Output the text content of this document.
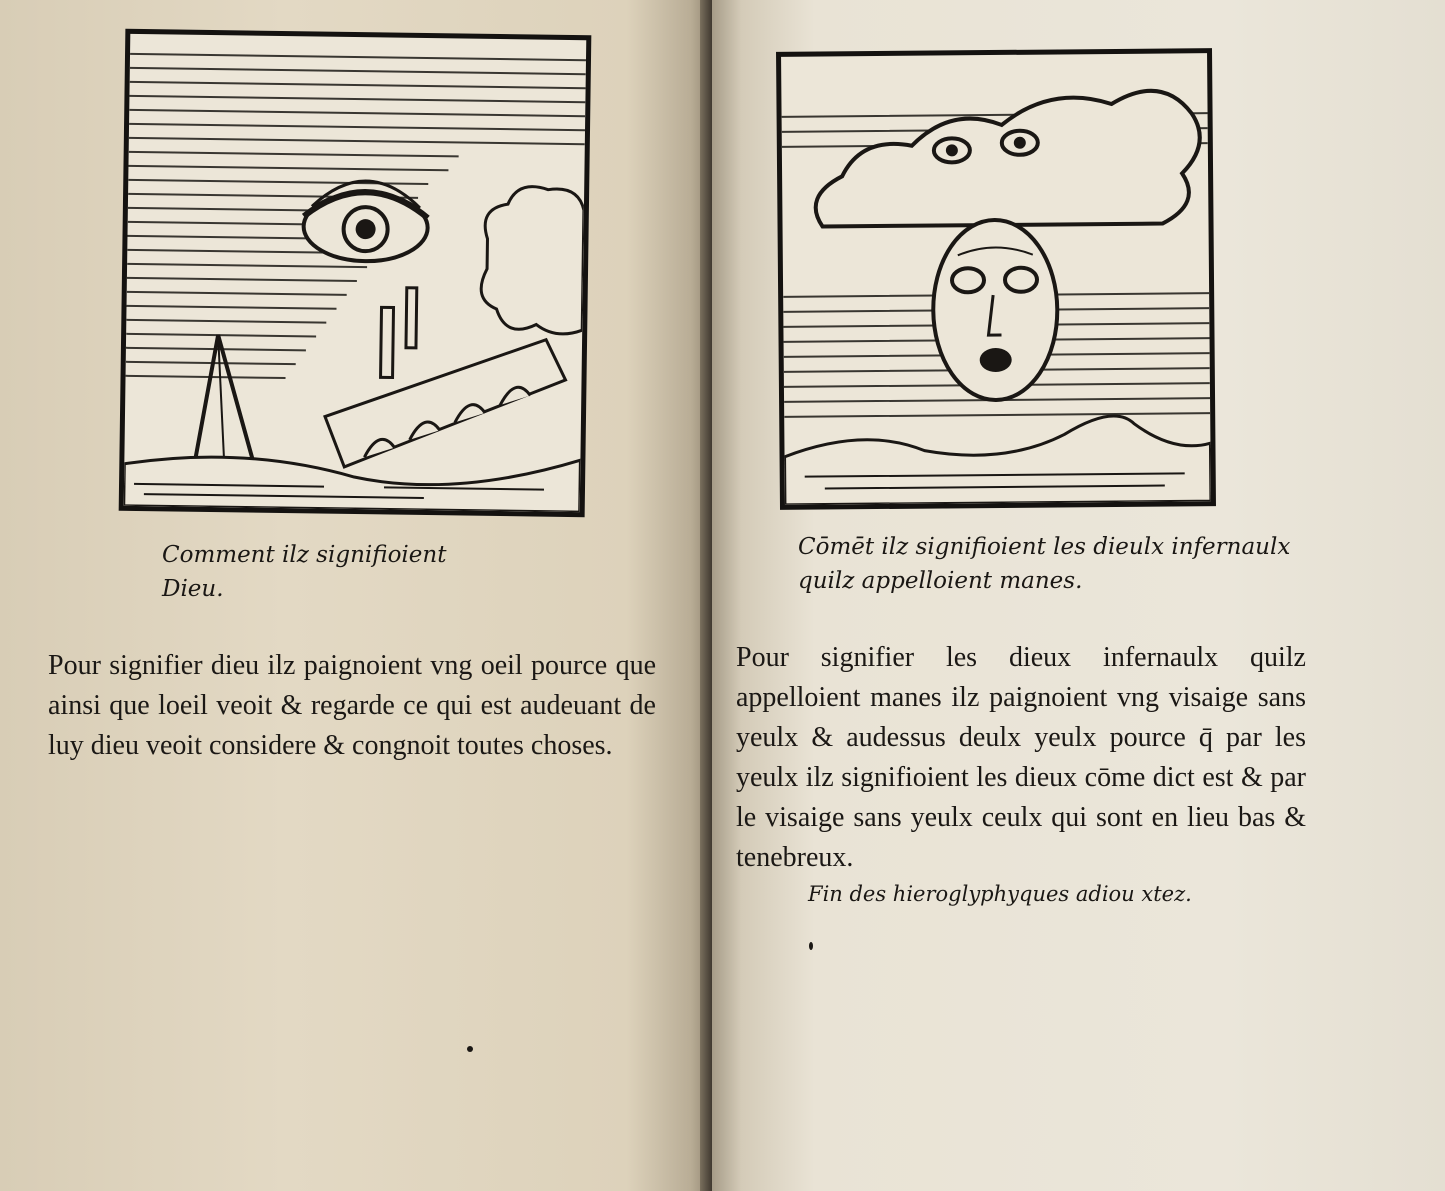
Comment ilz signifioient
Dieu.
Pour signifier dieu ilz paignoient vng oeil pource que ainsi que loeil veoit & regarde ce qui est audeuant de luy dieu veoit considere & congnoit toutes choses.
Cōmēt ilz signifioient les dieulx infernaulx
quilz appelloient manes.
Pour signifier les dieux infernaulx quilz appelloient manes ilz paignoient vng visaige sans yeulx & audessus deulx yeulx pource q̄ par les yeulx ilz signifioient les dieux cōme dict est & par le visaige sans yeulx ceulx qui sont en lieu bas & tenebreux.
Fin des hieroglyphyques adiou xtez.
